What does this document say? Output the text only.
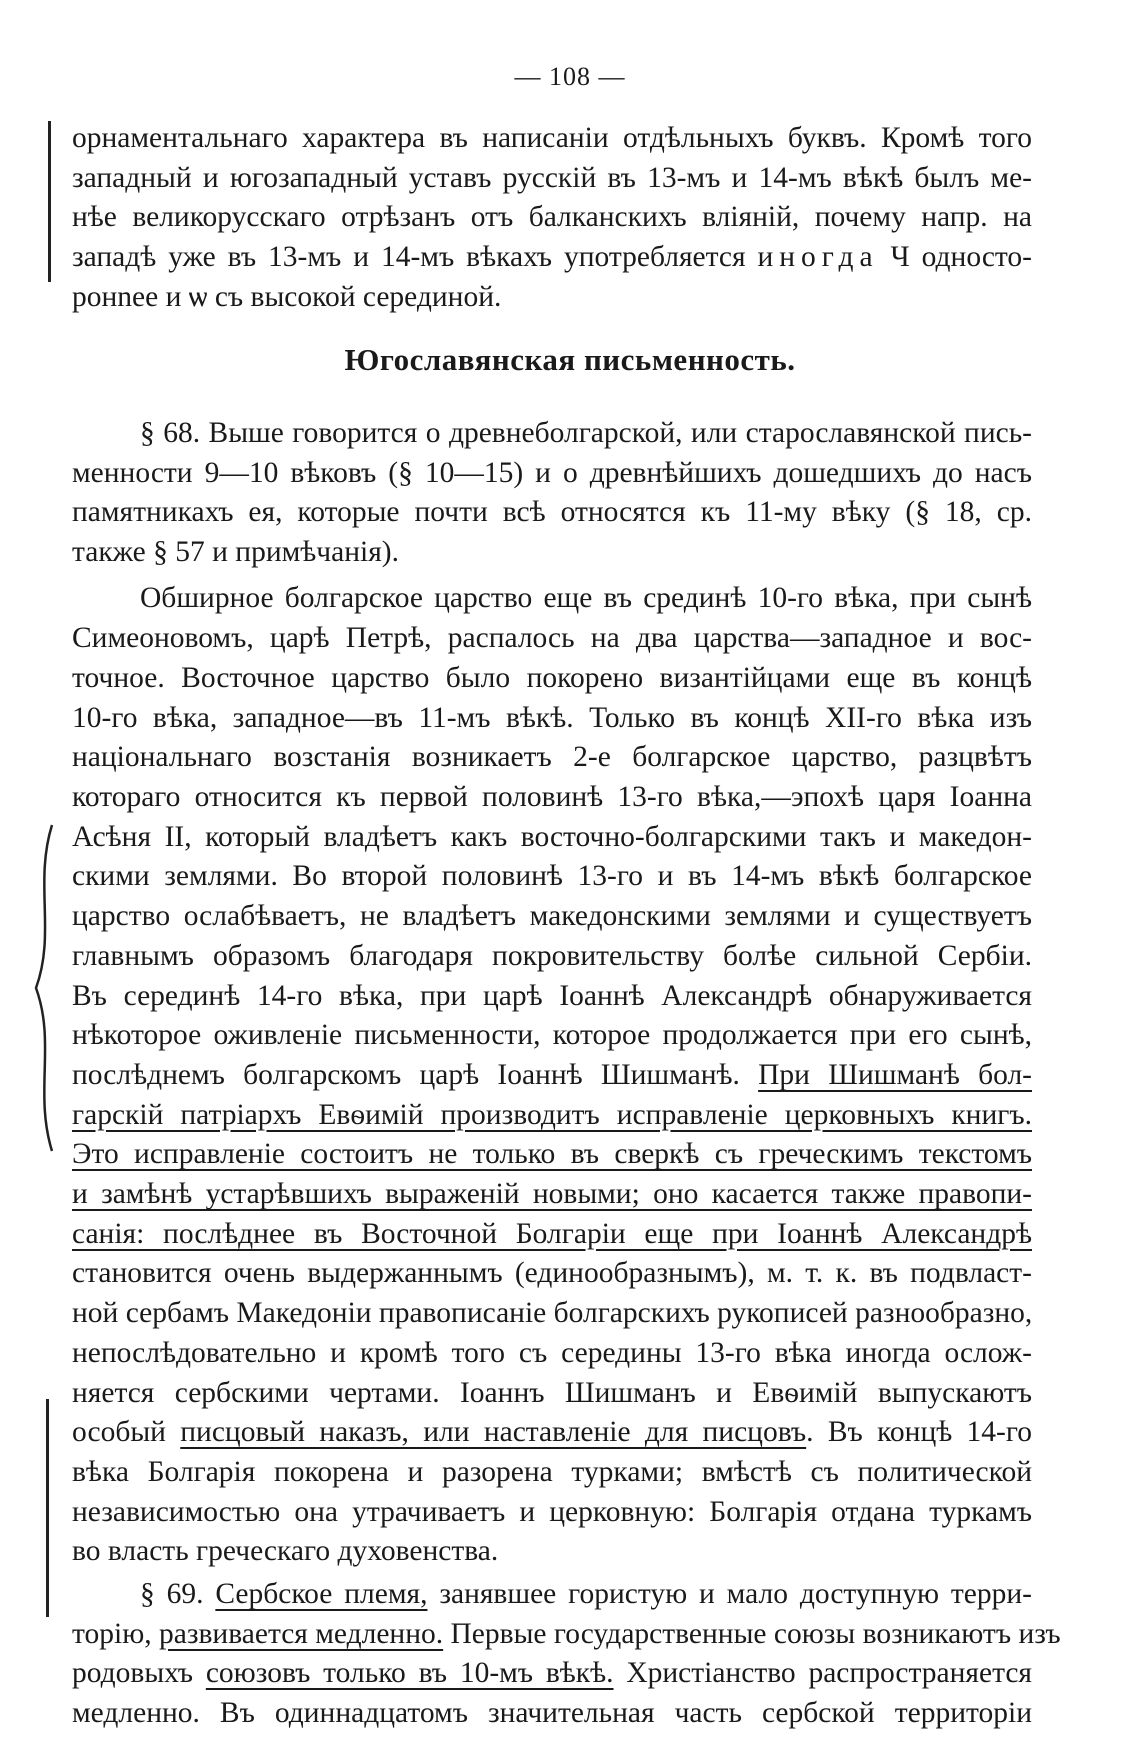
— 108 —
орнаментальнаго характера въ написаніи отдѣльныхъ буквъ. Кромѣ того
западный и югозападный уставъ русскій въ 13-мъ и 14-мъ вѣкѣ былъ ме-
нѣе великорусскаго отрѣзанъ отъ балканскихъ вліяній, почему напр. на
западѣ уже въ 13-мъ и 14-мъ вѣкахъ употребляется иногда Ч односто-
ронnee и ѡ съ высокой серединой.
Югославянская письменность.
§ 68. Выше говорится о древнеболгарской, или старославянской пись-
менности 9—10 вѣковъ (§ 10—15) и о древнѣйшихъ дошедшихъ до насъ
памятникахъ ея, которые почти всѣ относятся къ 11-му вѣку (§ 18, ср.
также § 57 и примѣчанія).
Обширное болгарское царство еще въ срединѣ 10-го вѣка, при сынѣ
Симеоновомъ, царѣ Петрѣ, распалось на два царства—западное и вос-
точное. Восточное царство было покорено византійцами еще въ концѣ
10-го вѣка, западное—въ 11-мъ вѣкѣ. Только въ концѣ XII-го вѣка изъ
національнаго возстанія возникаетъ 2-е болгарское царство, разцвѣтъ
котораго относится къ первой половинѣ 13-го вѣка,—эпохѣ царя Іоанна
Асѣня II, который владѣетъ какъ восточно-болгарскими такъ и македон-
скими землями. Во второй половинѣ 13-го и въ 14-мъ вѣкѣ болгарское
царство ослабѣваетъ, не владѣетъ македонскими землями и существуетъ
главнымъ образомъ благодаря покровительству болѣе сильной Сербіи.
Въ серединѣ 14-го вѣка, при царѣ Іоаннѣ Александрѣ обнаруживается
нѣкоторое оживленіе письменности, которое продолжается при его сынѣ,
послѣднемъ болгарскомъ царѣ Іоаннѣ Шишманѣ. При Шишманѣ бол-
гарскій патріархъ Евѳимій производитъ исправленіе церковныхъ книгъ.
Это исправленіе состоитъ не только въ сверкѣ съ греческимъ текстомъ
и замѣнѣ устарѣвшихъ выраженій новыми; оно касается также правопи-
санія: послѣднее въ Восточной Болгаріи еще при Іоаннѣ Александрѣ
становится очень выдержаннымъ (единообразнымъ), м. т. к. въ подвласт-
ной сербамъ Македоніи правописаніе болгарскихъ рукописей разнообразно,
непослѣдовательно и кромѣ того съ середины 13-го вѣка иногда ослож-
няется сербскими чертами. Іоаннъ Шишманъ и Евѳимій выпускаютъ
особый писцовый наказъ, или наставленіе для писцовъ. Въ концѣ 14-го
вѣка Болгарія покорена и разорена турками; вмѣстѣ съ политической
независимостью она утрачиваетъ и церковную: Болгарія отдана туркамъ
во власть греческаго духовенства.
§ 69. Сербское племя, занявшее гористую и мало доступную терри-
торію, развивается медленно. Первые государственные союзы возникаютъ изъ
родовыхъ союзовъ только въ 10-мъ вѣкѣ. Христіанство распространяется
медленно. Въ одиннадцатомъ значительная часть сербской территоріи
